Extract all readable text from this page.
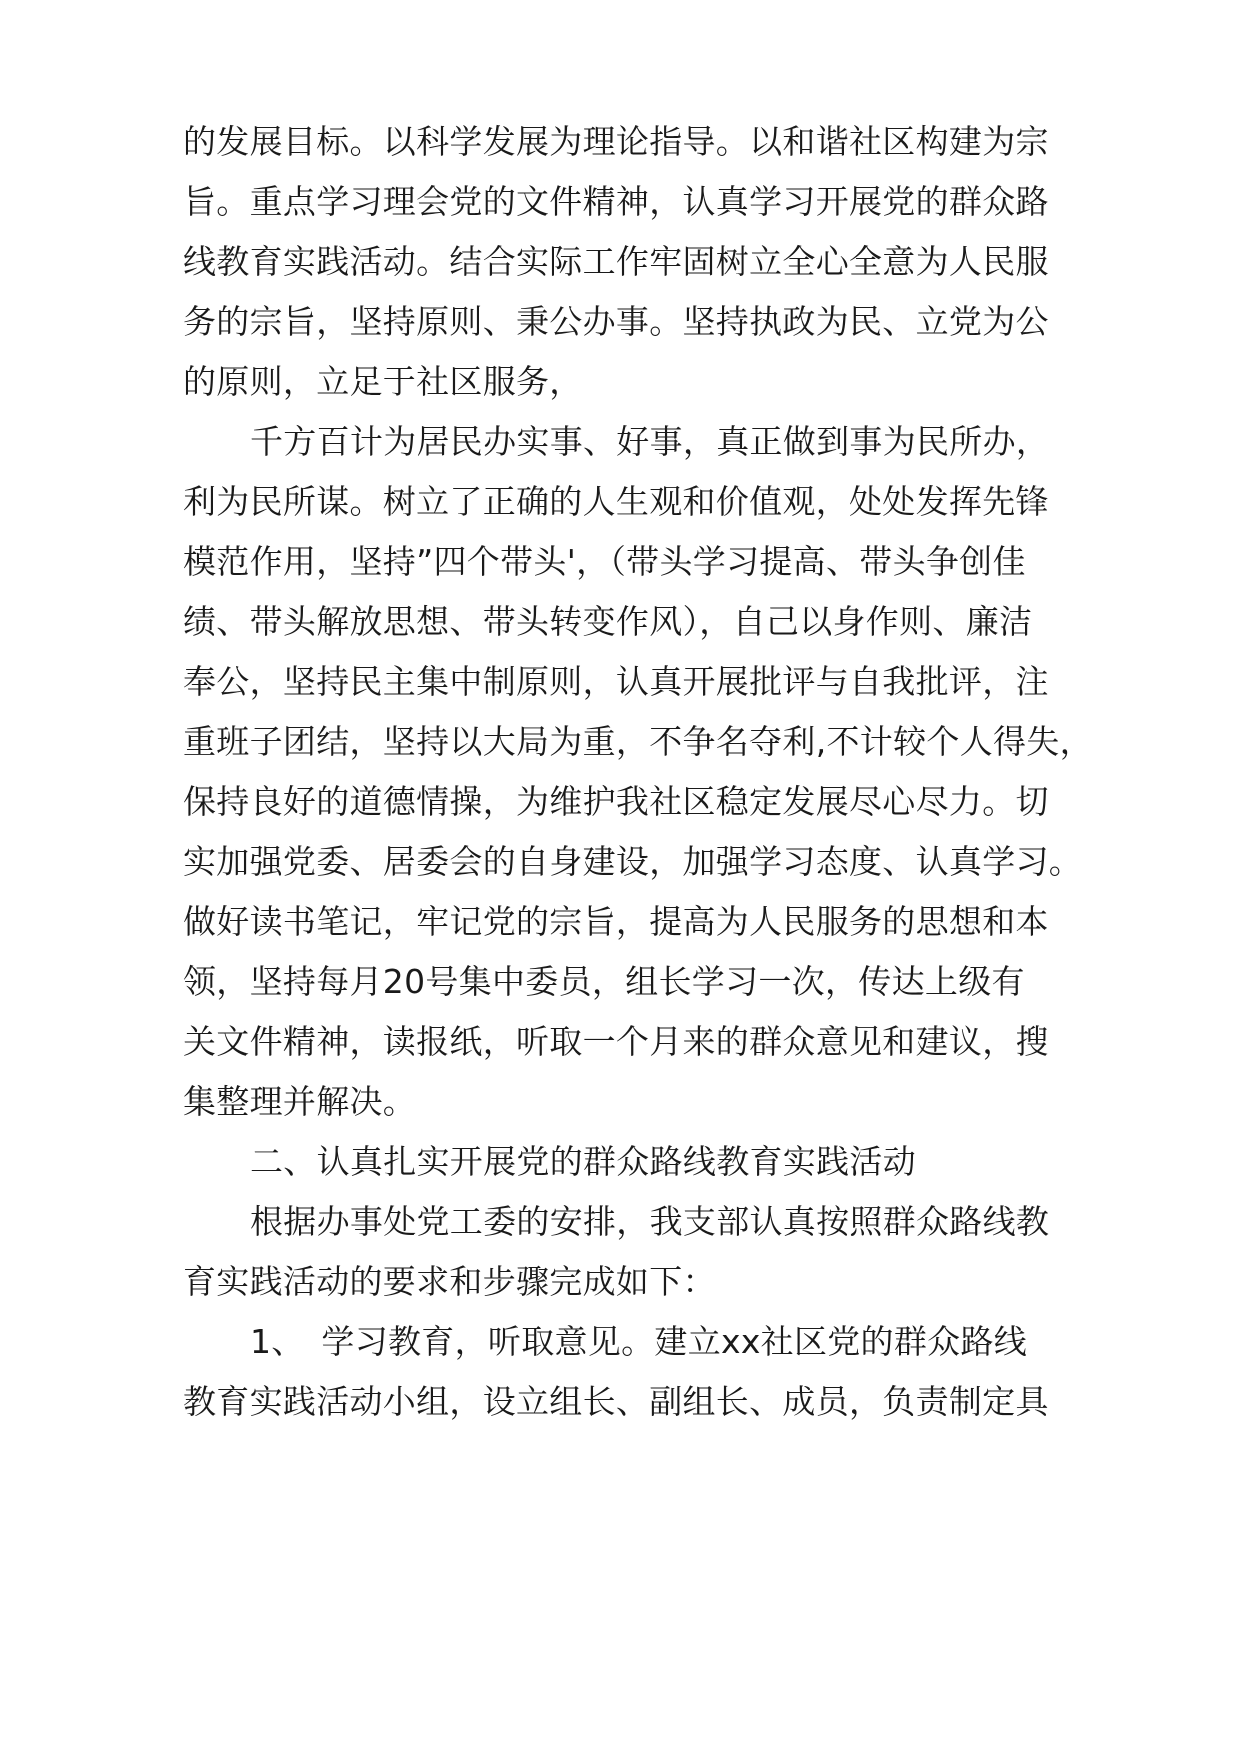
的发展目标。以科学发展为理论指导。以和谐社区构建为宗
旨。重点学习理会党的文件精神，认真学习开展党的群众路
线教育实践活动。结合实际工作牢固树立全心全意为人民服
务的宗旨，坚持原则、秉公办事。坚持执政为民、立党为公
的原则，立足于社区服务，
千方百计为居民办实事、好事，真正做到事为民所办，
利为民所谋。树立了正确的人生观和价值观，处处发挥先锋
模范作用，坚持”四个带头'，（带头学习提高、带头争创佳
绩、带头解放思想、带头转变作风），自己以身作则、廉洁
奉公，坚持民主集中制原则，认真开展批评与自我批评，注
重班子团结，坚持以大局为重，不争名夺利,不计较个人得失，
保持良好的道德情操，为维护我社区稳定发展尽心尽力。切
实加强党委、居委会的自身建设，加强学习态度、认真学习。
做好读书笔记，牢记党的宗旨，提高为人民服务的思想和本
领，坚持每月20号集中委员，组长学习一次，传达上级有
关文件精神，读报纸，听取一个月来的群众意见和建议，搜
集整理并解决。
二、认真扎实开展党的群众路线教育实践活动
根据办事处党工委的安排，我支部认真按照群众路线教
育实践活动的要求和步骤完成如下：
1、　学习教育，听取意见。建立xx社区党的群众路线
教育实践活动小组，设立组长、副组长、成员，负责制定具
